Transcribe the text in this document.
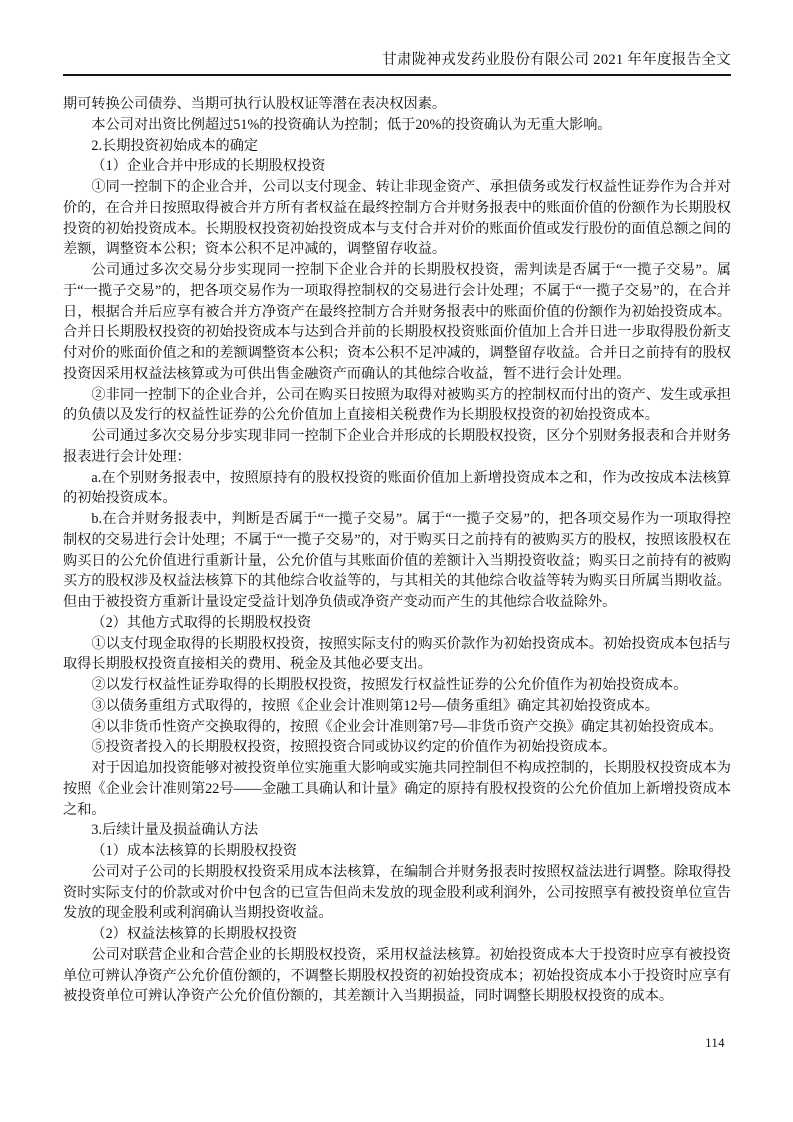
甘肃陇神戎发药业股份有限公司 2021 年年度报告全文

期可转换公司债券、当期可执行认股权证等潜在表决权因素。

本公司对出资比例超过51%的投资确认为控制；低于20%的投资确认为无重大影响。

2.长期投资初始成本的确定

（1）企业合并中形成的长期股权投资

①同一控制下的企业合并，公司以支付现金、转让非现金资产、承担债务或发行权益性证券作为合并对价的，在合并日按照取得被合并方所有者权益在最终控制方合并财务报表中的账面价值的份额作为长期股权投资的初始投资成本。长期股权投资初始投资成本与支付合并对价的账面价值或发行股份的面值总额之间的差额，调整资本公积；资本公积不足冲减的，调整留存收益。

公司通过多次交易分步实现同一控制下企业合并的长期股权投资，需判读是否属于“一揽子交易”。属于“一揽子交易”的，把各项交易作为一项取得控制权的交易进行会计处理；不属于“一揽子交易”的，在合并日，根据合并后应享有被合并方净资产在最终控制方合并财务报表中的账面价值的份额作为初始投资成本。合并日长期股权投资的初始投资成本与达到合并前的长期股权投资账面价值加上合并日进一步取得股份新支付对价的账面价值之和的差额调整资本公积；资本公积不足冲减的，调整留存收益。合并日之前持有的股权投资因采用权益法核算或为可供出售金融资产而确认的其他综合收益，暂不进行会计处理。

②非同一控制下的企业合并，公司在购买日按照为取得对被购买方的控制权而付出的资产、发生或承担的负债以及发行的权益性证券的公允价值加上直接相关税费作为长期股权投资的初始投资成本。

公司通过多次交易分步实现非同一控制下企业合并形成的长期股权投资，区分个别财务报表和合并财务报表进行会计处理：

a.在个别财务报表中，按照原持有的股权投资的账面价值加上新增投资成本之和，作为改按成本法核算的初始投资成本。

b.在合并财务报表中，判断是否属于“一揽子交易”。属于“一揽子交易”的，把各项交易作为一项取得控制权的交易进行会计处理；不属于“一揽子交易”的，对于购买日之前持有的被购买方的股权，按照该股权在购买日的公允价值进行重新计量，公允价值与其账面价值的差额计入当期投资收益；购买日之前持有的被购买方的股权涉及权益法核算下的其他综合收益等的，与其相关的其他综合收益等转为购买日所属当期收益。但由于被投资方重新计量设定受益计划净负债或净资产变动而产生的其他综合收益除外。

（2）其他方式取得的长期股权投资

①以支付现金取得的长期股权投资，按照实际支付的购买价款作为初始投资成本。初始投资成本包括与取得长期股权投资直接相关的费用、税金及其他必要支出。

②以发行权益性证券取得的长期股权投资，按照发行权益性证券的公允价值作为初始投资成本。

③以债务重组方式取得的，按照《企业会计准则第12号—债务重组》确定其初始投资成本。

④以非货币性资产交换取得的，按照《企业会计准则第7号—非货币资产交换》确定其初始投资成本。

⑤投资者投入的长期股权投资，按照投资合同或协议约定的价值作为初始投资成本。

对于因追加投资能够对被投资单位实施重大影响或实施共同控制但不构成控制的，长期股权投资成本为按照《企业会计准则第22号——金融工具确认和计量》确定的原持有股权投资的公允价值加上新增投资成本之和。

3.后续计量及损益确认方法

（1）成本法核算的长期股权投资

公司对子公司的长期股权投资采用成本法核算，在编制合并财务报表时按照权益法进行调整。除取得投资时实际支付的价款或对价中包含的已宣告但尚未发放的现金股利或利润外，公司按照享有被投资单位宣告发放的现金股利或利润确认当期投资收益。

（2）权益法核算的长期股权投资

公司对联营企业和合营企业的长期股权投资，采用权益法核算。初始投资成本大于投资时应享有被投资单位可辨认净资产公允价值份额的，不调整长期股权投资的初始投资成本；初始投资成本小于投资时应享有被投资单位可辨认净资产公允价值份额的，其差额计入当期损益，同时调整长期股权投资的成本。

114
